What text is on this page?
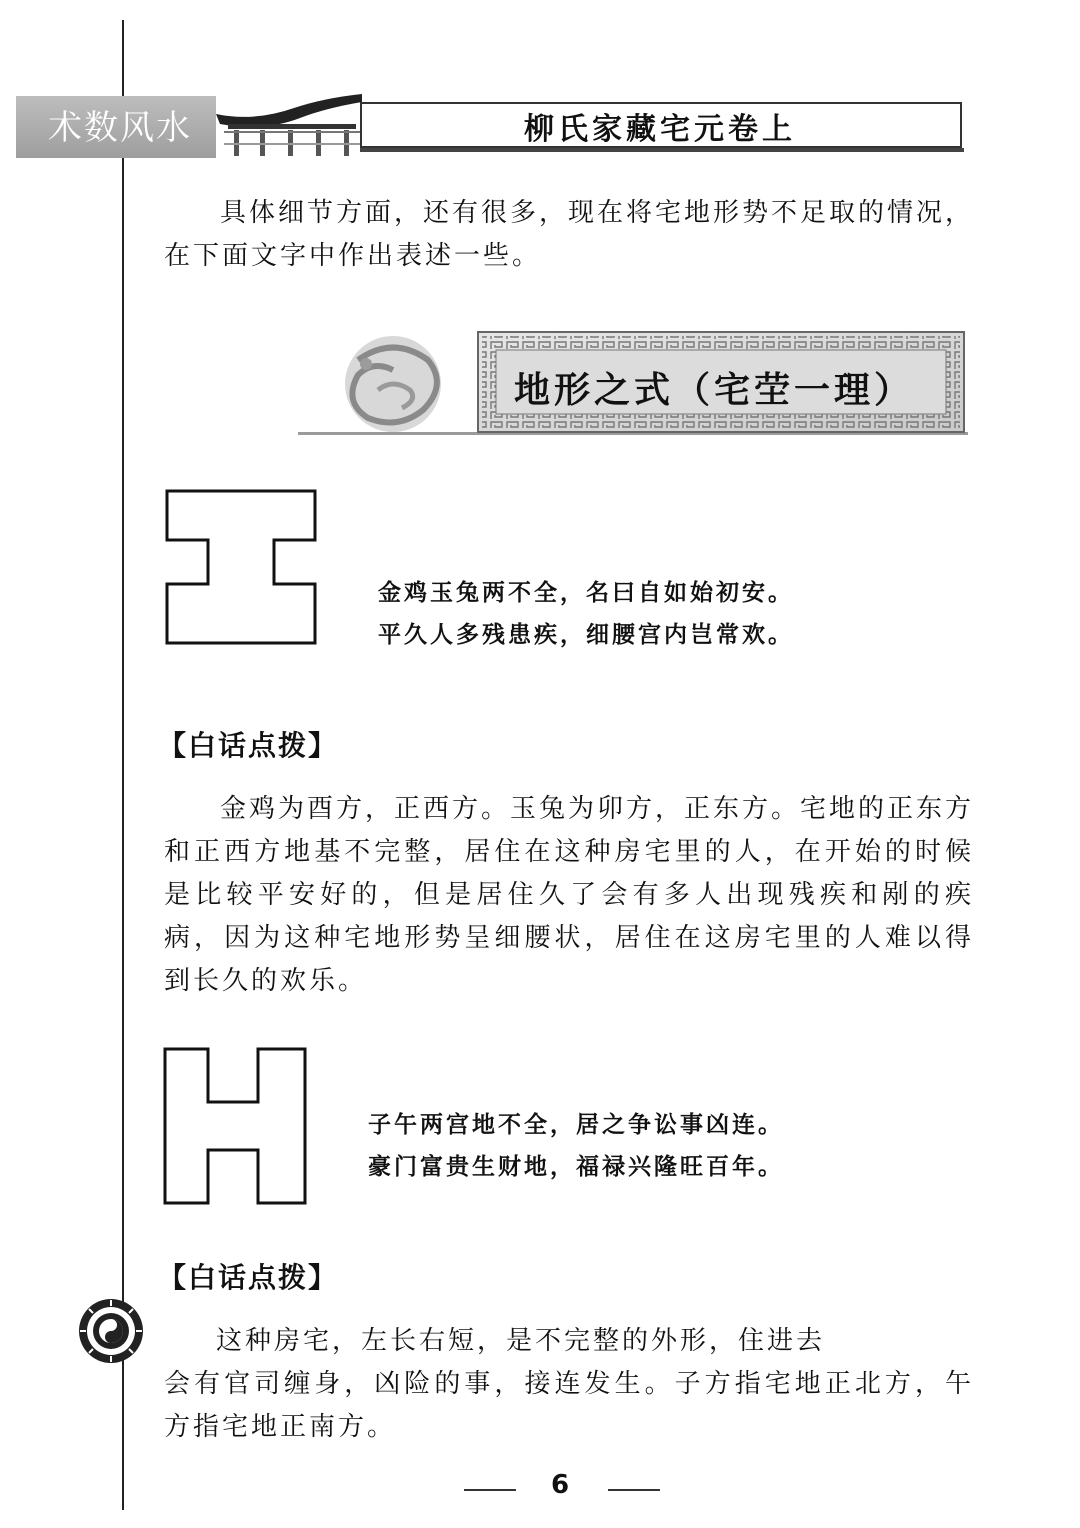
术数风水	柳氏家藏宅元卷上
具体细节方面，还有很多，现在将宅地形势不足取的情况，在下面文字中作出表述一些。
地形之式（宅茔一理）
金鸡玉兔两不全，名曰自如始初安。
平久人多残患疾，细腰宫内岂常欢。
【白话点拨】
金鸡为酉方，正西方。玉兔为卯方，正东方。宅地的正东方和正西方地基不完整，居住在这种房宅里的人，在开始的时候是比较平安好的，但是居住久了会有多人出现残疾和剐的疾病，因为这种宅地形势呈细腰状，居住在这房宅里的人难以得到长久的欢乐。
子午两宫地不全，居之争讼事凶连。
豪门富贵生财地，福禄兴隆旺百年。
【白话点拨】
这种房宅，左长右短，是不完整的外形，住进去
会有官司缠身，凶险的事，接连发生。子方指宅地正北方，午方指宅地正南方。
6
